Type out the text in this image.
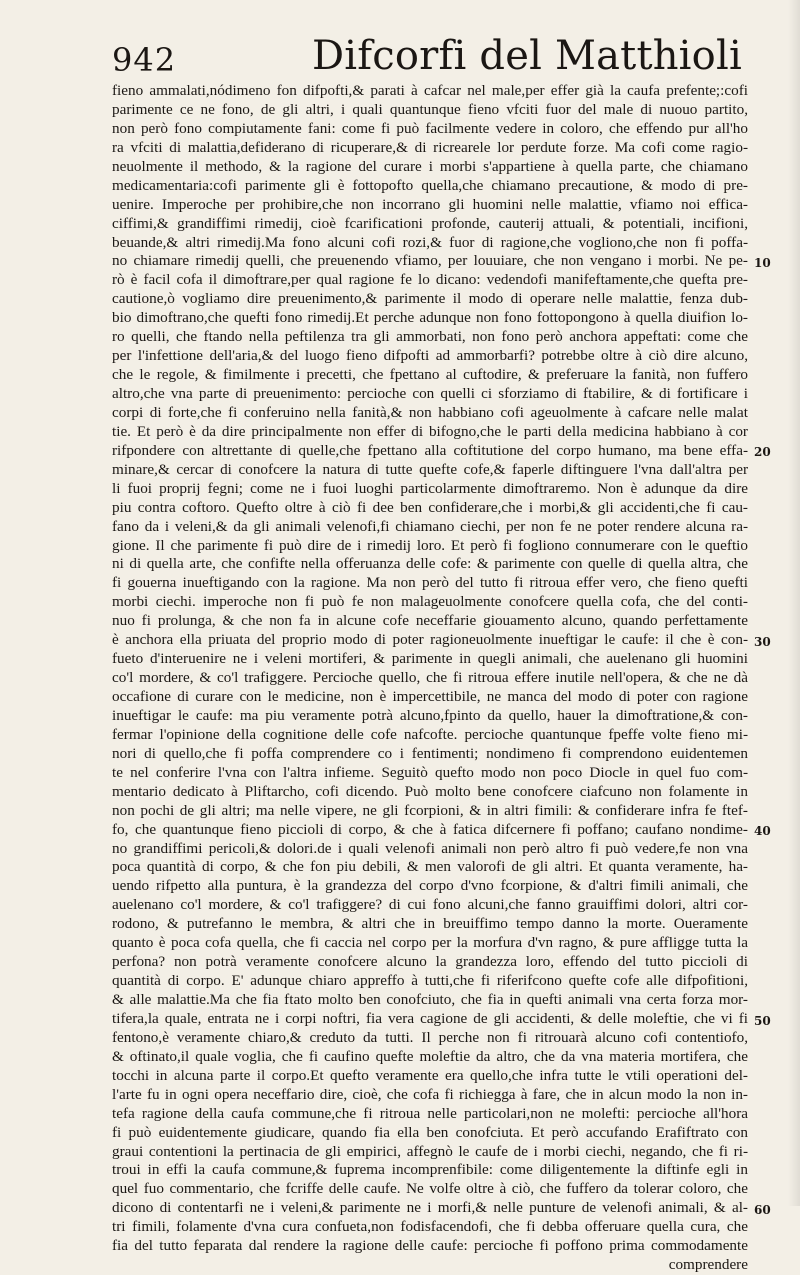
942	Difcorfi del Matthioli
fieno ammalati,nódimeno fon difpofti,& parati à cafcar nel male,per effer già la caufa prefente;:cofi
parimente ce ne fono, de gli altri, i quali quantunque fieno vfciti fuor del male di nuouo partito,
non però fono compiutamente fani: come fi può facilmente vedere in coloro, che effendo pur all'ho
ra vfciti di malattia,defiderano di ricuperare,& di ricrearele lor perdute forze. Ma cofi come ragio-
neuolmente il methodo, & la ragione del curare i morbi s'appartiene à quella parte, che chiamano
medicamentaria:cofi parimente gli è fottopofto quella,che chiamano precautione, & modo di pre-
uenire. Imperoche per prohibire,che non incorrano gli huomini nelle malattie, vfiamo noi effica-
ciffimi,& grandiffimi rimedij, cioè fcarificationi profonde, cauterij attuali, & potentiali, incifioni,
beuande,& altri rimedij.Ma fono alcuni cofi rozi,& fuor di ragione,che vogliono,che non fi poffa-
no chiamare rimedij quelli, che preuenendo vfiamo, per louuiare, che non vengano i morbi. Ne pe-
rò è facil cofa il dimoftrare,per qual ragione fe lo dicano: vedendofi manifeftamente,che quefta pre-
cautione,ò vogliamo dire preuenimento,& parimente il modo di operare nelle malattie, fenza dub-
bio dimoftrano,che quefti fono rimedij.Et perche adunque non fono fottopongono à quella diuifion lo-
ro quelli, che ftando nella peftilenza tra gli ammorbati, non fono però anchora appeftati: come che
per l'infettione dell'aria,& del luogo fieno difpofti ad ammorbarfi? potrebbe oltre à ciò dire alcuno,
che le regole, & fimilmente i precetti, che fpettano al cuftodire, & preferuare la fanità, non fuffero
altro,che vna parte di preuenimento: percioche con quelli ci sforziamo di ftabilire, & di fortificare i
corpi di forte,che fi conferuino nella fanità,& non habbiano cofi ageuolmente à cafcare nelle malat
tie. Et però è da dire principalmente non effer di bifogno,che le parti della medicina habbiano à cor
rifpondere con altrettante di quelle,che fpettano alla coftitutione del corpo humano, ma bene effa-
minare,& cercar di conofcere la natura di tutte quefte cofe,& faperle diftinguere l'vna dall'altra per
li fuoi proprij fegni; come ne i fuoi luoghi particolarmente dimoftraremo. Non è adunque da dire
piu contra coftoro. Quefto oltre à ciò fi dee ben confiderare,che i morbi,& gli accidenti,che fi cau-
fano da i veleni,& da gli animali velenofi,fi chiamano ciechi, per non fe ne poter rendere alcuna ra-
gione. Il che parimente fi può dire de i rimedij loro. Et però fi fogliono connumerare con le queftio
ni di quella arte, che confifte nella offeruanza delle cofe: & parimente con quelle di quella altra, che
fi gouerna inueftigando con la ragione. Ma non però del tutto fi ritroua effer vero, che fieno quefti
morbi ciechi. imperoche non fi può fe non malageuolmente conofcere quella cofa, che del conti-
nuo fi prolunga, & che non fa in alcune cofe neceffarie giouamento alcuno, quando perfettamente
è anchora ella priuata del proprio modo di poter ragioneuolmente inueftigar le caufe: il che è con-
fueto d'interuenire ne i veleni mortiferi, & parimente in quegli animali, che auelenano gli huomini
co'l mordere, & co'l trafiggere. Percioche quello, che fi ritroua effere inutile nell'opera, & che ne dà
occafione di curare con le medicine, non è impercettibile, ne manca del modo di poter con ragione
inueftigar le caufe: ma piu veramente potrà alcuno,fpinto da quello, hauer la dimoftratione,& con-
fermar l'opinione della cognitione delle cofe nafcofte. percioche quantunque fpeffe volte fieno mi-
nori di quello,che fi poffa comprendere co i fentimenti; nondimeno fi comprendono euidentemen
te nel conferire l'vna con l'altra infieme. Seguitò quefto modo non poco Diocle in quel fuo com-
mentario dedicato à Pliftarcho, cofi dicendo. Può molto bene conofcere ciafcuno non folamente in
non pochi de gli altri; ma nelle vipere, ne gli fcorpioni, & in altri fimili: & confiderare infra fe ftef-
fo, che quantunque fieno piccioli di corpo, & che à fatica difcernere fi poffano; caufano nondime-
no grandiffimi pericoli,& dolori.de i quali velenofi animali non però altro fi può vedere,fe non vna
poca quantità di corpo, & che fon piu debili, & men valorofi de gli altri. Et quanta veramente, ha-
uendo rifpetto alla puntura, è la grandezza del corpo d'vno fcorpione, & d'altri fimili animali, che
auelenano co'l mordere, & co'l trafiggere? di cui fono alcuni,che fanno grauiffimi dolori, altri cor-
rodono, & putrefanno le membra, & altri che in breuiffimo tempo danno la morte. Oueramente
quanto è poca cofa quella, che fi caccia nel corpo per la morfura d'vn ragno, & pure affligge tutta la
perfona? non potrà veramente conofcere alcuno la grandezza loro, effendo del tutto piccioli di
quantità di corpo. E' adunque chiaro appreffo à tutti,che fi riferifcono quefte cofe alle difpofitioni,
& alle malattie.Ma che fia ftato molto ben conofciuto, che fia in quefti animali vna certa forza mor-
tifera,la quale, entrata ne i corpi noftri, fia vera cagione de gli accidenti, & delle moleftie, che vi fi
fentono,è veramente chiaro,& creduto da tutti. Il perche non fi ritrouarà alcuno cofi contentiofo,
& oftinato,il quale voglia, che fi caufino quefte moleftie da altro, che da vna materia mortifera, che
tocchi in alcuna parte il corpo.Et quefto veramente era quello,che infra tutte le vtili operationi del-
l'arte fu in ogni opera neceffario dire, cioè, che cofa fi richiegga à fare, che in alcun modo la non in-
tefa ragione della caufa commune,che fi ritroua nelle particolari,non ne molefti: percioche all'hora
fi può euidentemente giudicare, quando fia ella ben conofciuta. Et però accufando Erafiftrato con
graui contentioni la pertinacia de gli empirici, affegnò le caufe de i morbi ciechi, negando, che fi ri-
troui in effi la caufa commune,& fuprema incomprenfibile: come diligentemente la diftinfe egli in
quel fuo commentario, che fcriffe delle caufe. Ne volfe oltre à ciò, che fuffero da tolerar coloro, che
dicono di contentarfi ne i veleni,& parimente ne i morfi,& nelle punture de velenofi animali, & al-
tri fimili, folamente d'vna cura confueta,non fodisfacendofi, che fi debba offeruare quella cura, che
fia del tutto feparata dal rendere la ragione delle caufe: percioche fi poffono prima commodamente
comprendere
10
20
30
40
50
60
